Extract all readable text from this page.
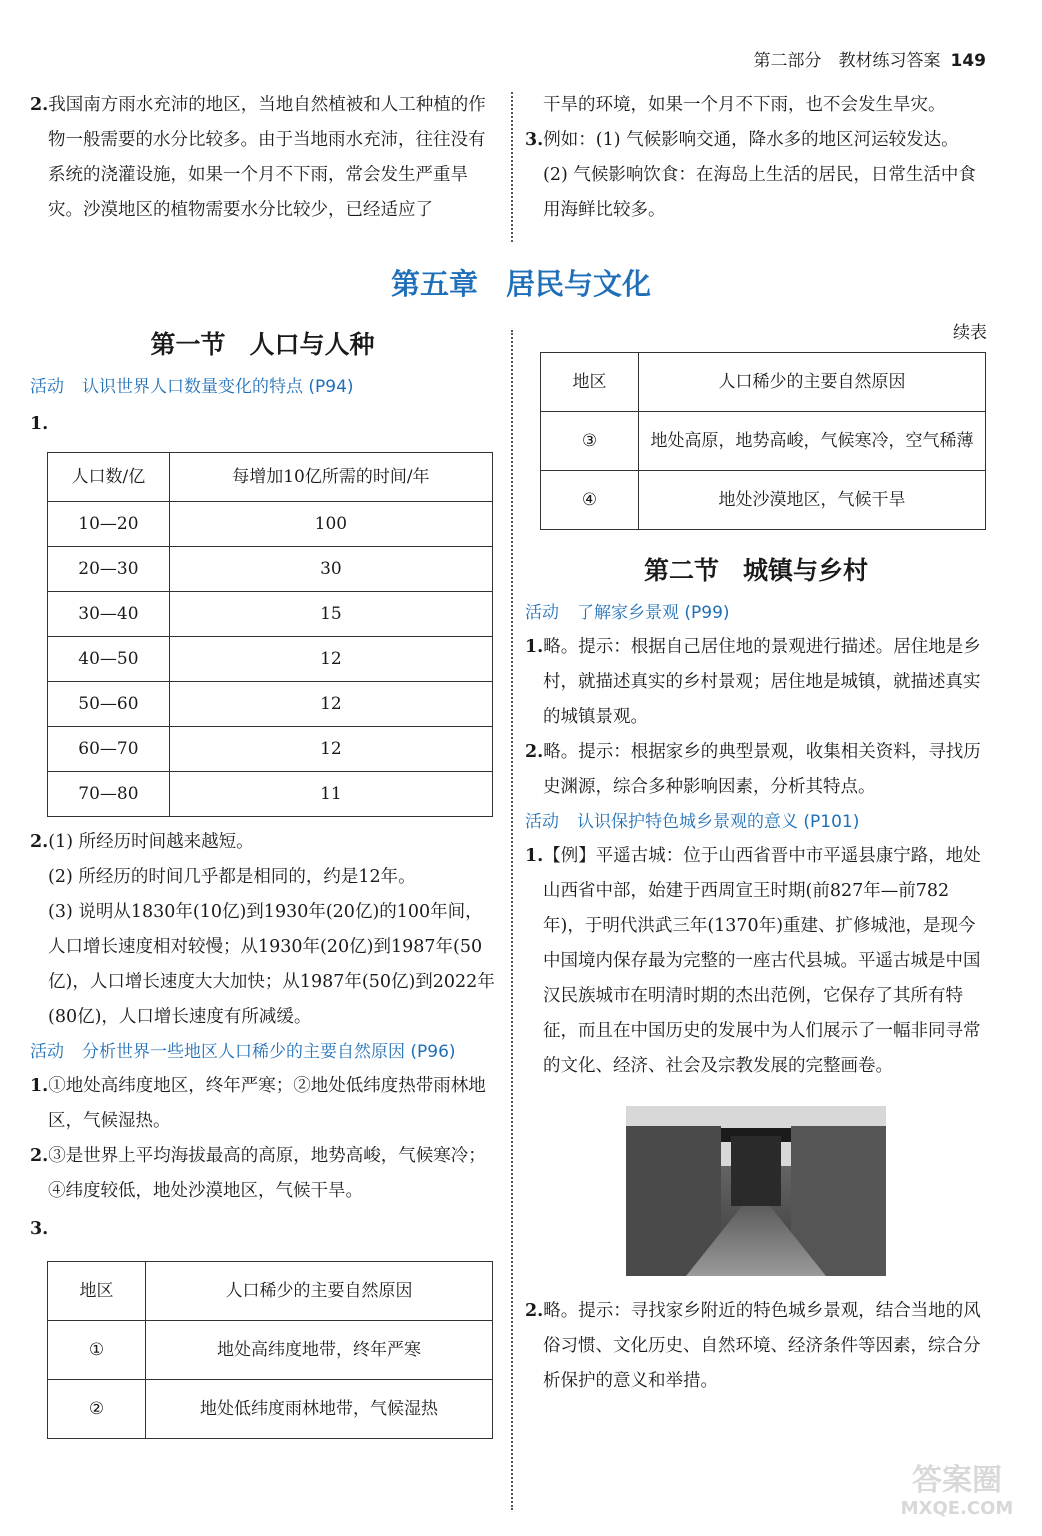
第二部分　教材练习答案 149

2.我国南方雨水充沛的地区，当地自然植被和人工种植的作物一般需要的水分比较多。由于当地雨水充沛，往往没有系统的浇灌设施，如果一个月不下雨，常会发生严重旱灾。沙漠地区的植物需要水分比较少，已经适应了

干旱的环境，如果一个月不下雨，也不会发生旱灾。

3.例如：(1) 气候影响交通，降水多的地区河运较发达。

(2) 气候影响饮食：在海岛上生活的居民，日常生活中食用海鲜比较多。

第五章 居民与文化
第一节 人口与人种
活动 认识世界人口数量变化的特点 (P94)
1.
人口数/亿	每增加10亿所需的时间/年
10—20	100
20—30	30
30—40	15
40—50	12
50—60	12
60—70	12
70—80	11

2.(1) 所经历时间越来越短。

(2) 所经历的时间几乎都是相同的，约是12年。

(3) 说明从1830年(10亿)到1930年(20亿)的100年间，人口增长速度相对较慢；从1930年(20亿)到1987年(50亿)，人口增长速度大大加快；从1987年(50亿)到2022年(80亿)，人口增长速度有所减缓。

活动 分析世界一些地区人口稀少的主要自然原因 (P96)

1.①地处高纬度地区，终年严寒；②地处低纬度热带雨林地区，气候湿热。

2.③是世界上平均海拔最高的高原，地势高峻，气候寒冷；④纬度较低，地处沙漠地区，气候干旱。

3.
地区	人口稀少的主要自然原因
①	地处高纬度地带，终年严寒
②	地处低纬度雨林地带，气候湿热
续表
地区	人口稀少的主要自然原因
③	地处高原，地势高峻，气候寒冷，空气稀薄
④	地处沙漠地区，气候干旱
第二节 城镇与乡村
活动 了解家乡景观 (P99)

1.略。提示：根据自己居住地的景观进行描述。居住地是乡村，就描述真实的乡村景观；居住地是城镇，就描述真实的城镇景观。

2.略。提示：根据家乡的典型景观，收集相关资料，寻找历史渊源，综合多种影响因素，分析其特点。

活动 认识保护特色城乡景观的意义 (P101)

1.【例】平遥古城：位于山西省晋中市平遥县康宁路，地处山西省中部，始建于西周宣王时期(前827年—前782年)，于明代洪武三年(1370年)重建、扩修城池，是现今中国境内保存最为完整的一座古代县城。平遥古城是中国汉民族城市在明清时期的杰出范例，它保存了其所有特征，而且在中国历史的发展中为人们展示了一幅非同寻常的文化、经济、社会及宗教发展的完整画卷。

2.略。提示：寻找家乡附近的特色城乡景观，结合当地的风俗习惯、文化历史、自然环境、经济条件等因素，综合分析保护的意义和举措。

答案圈
MXQE.COM
